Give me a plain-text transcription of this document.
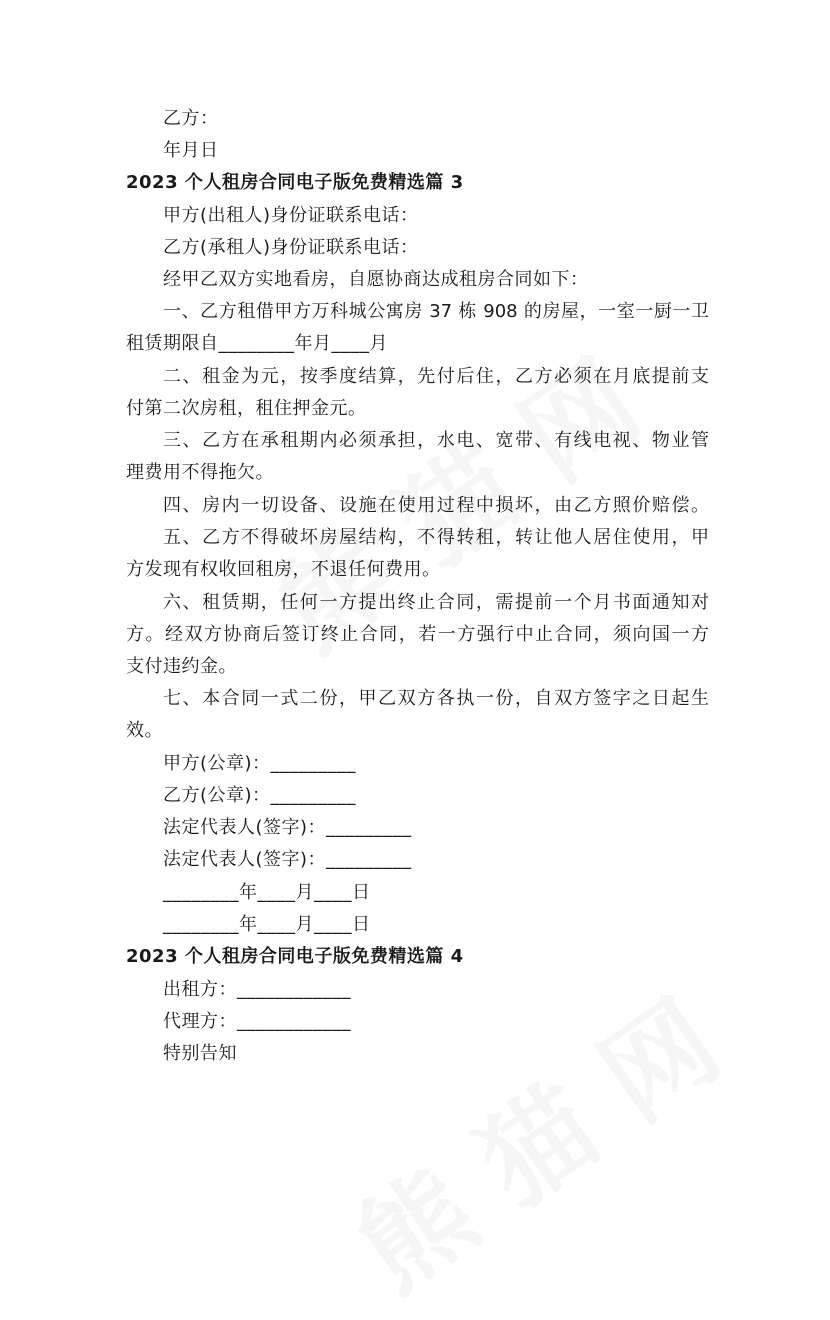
乙方：
年月日
2023 个人租房合同电子版免费精选篇 3
甲方(出租人)身份证联系电话：
乙方(承租人)身份证联系电话：
经甲乙双方实地看房，自愿协商达成租房合同如下：
一、乙方租借甲方万科城公寓房 37 栋 908 的房屋，一室一厨一卫
租赁期限自________年月____月
二、租金为元，按季度结算，先付后住，乙方必须在月底提前支
付第二次房租，租住押金元。
三、乙方在承租期内必须承担，水电、宽带、有线电视、物业管
理费用不得拖欠。
四、房内一切设备、设施在使用过程中损坏，由乙方照价赔偿。
五、乙方不得破坏房屋结构，不得转租，转让他人居住使用，甲
方发现有权收回租房，不退任何费用。
六、租赁期，任何一方提出终止合同，需提前一个月书面通知对
方。经双方协商后签订终止合同，若一方强行中止合同，须向国一方
支付违约金。
七、本合同一式二份，甲乙双方各执一份，自双方签字之日起生
效。
甲方(公章)：_________
乙方(公章)：_________
法定代表人(签字)：_________
法定代表人(签字)：_________
________年____月____日
________年____月____日
2023 个人租房合同电子版免费精选篇 4
出租方：____________
代理方：____________
特别告知
